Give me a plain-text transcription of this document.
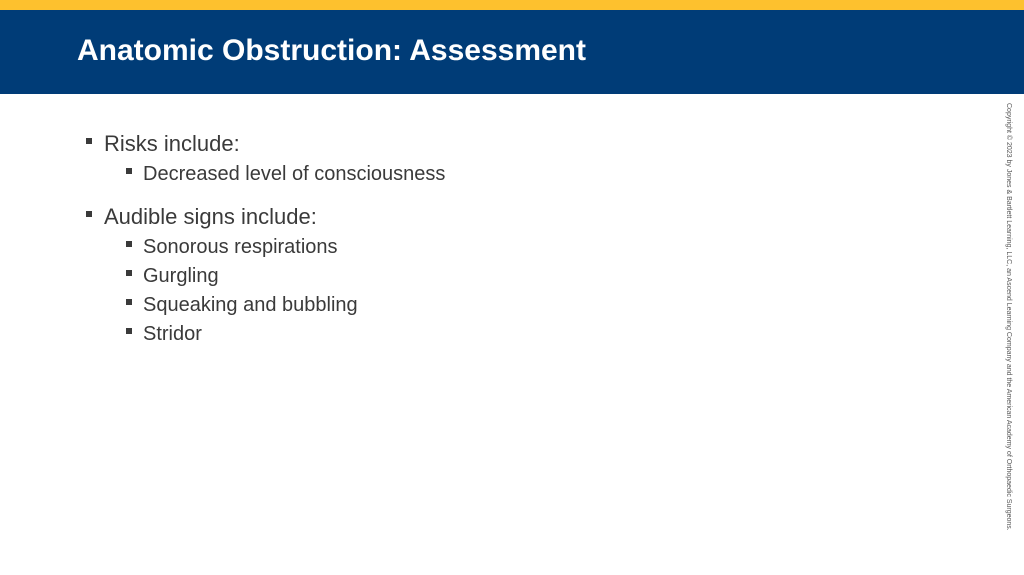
Anatomic Obstruction: Assessment
Risks include:
Decreased level of consciousness
Audible signs include:
Sonorous respirations
Gurgling
Squeaking and bubbling
Stridor	Copyright © 2023 by Jones & Bartlett Learning, LLC, an Ascend Learning Company and the American Academy of Orthopaedic Surgeons.
